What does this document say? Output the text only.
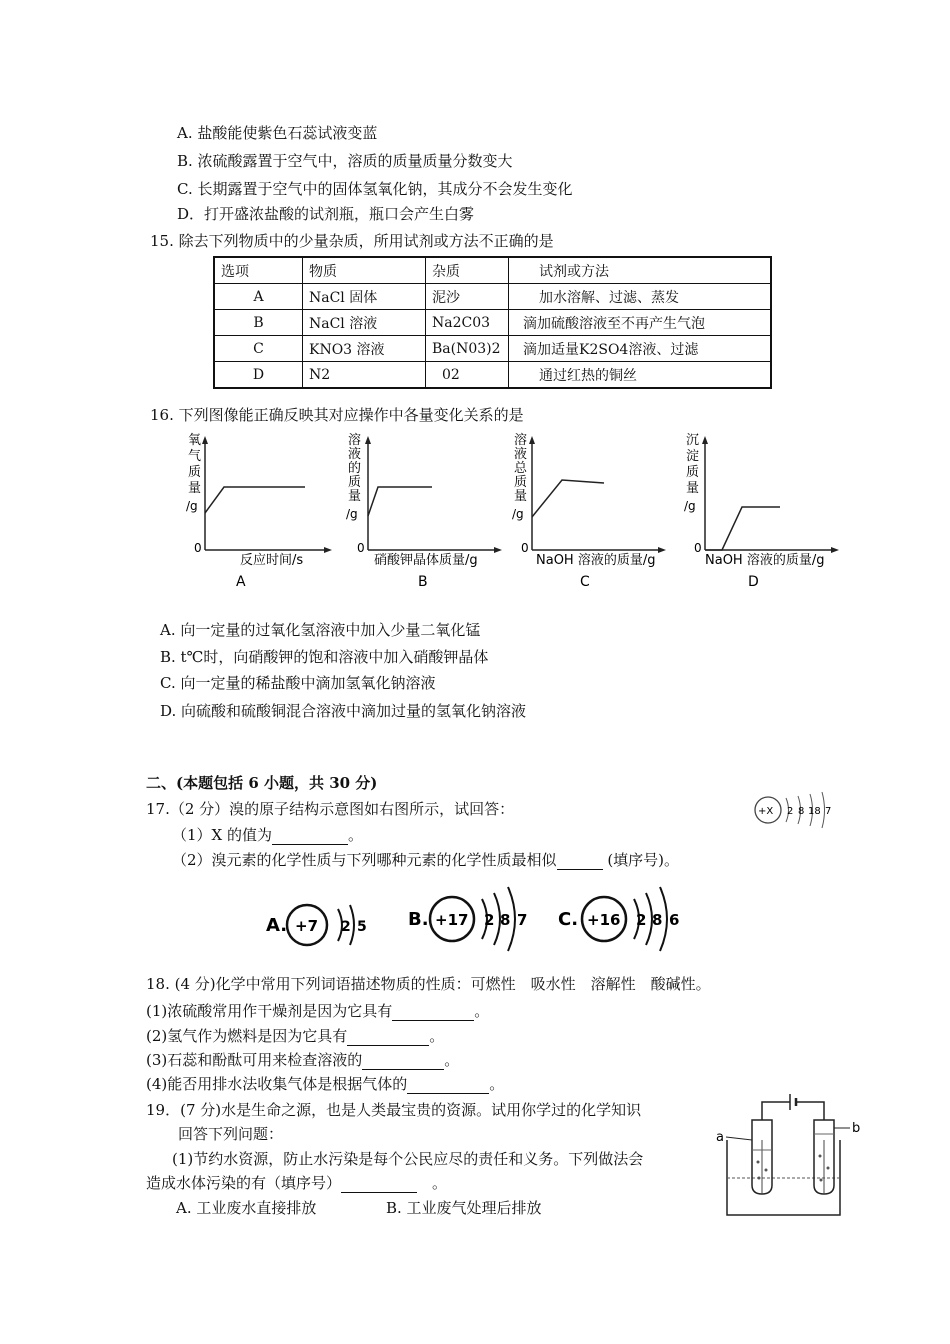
A. 盐酸能使紫色石蕊试液变蓝
B. 浓硫酸露置于空气中，溶质的质量质量分数变大
C. 长期露置于空气中的固体氢氧化钠，其成分不会发生变化
D．打开盛浓盐酸的试剂瓶，瓶口会产生白雾
15. 除去下列物质中的少量杂质，所用试剂或方法不正确的是
选项	物质	杂质	试剂或方法
A	NaCl 固体	泥沙	加水溶解、过滤、蒸发
B	NaCl 溶液	Na2C03	滴加硫酸溶液至不再产生气泡
C	KNO3 溶液	Ba(N03)2	滴加适量K2SO4溶液、过滤
D	N2	02	通过红热的铜丝
16. 下列图像能正确反映其对应操作中各量变化关系的是
氧
气
质
量
/g
0
反应时间/s
A
溶
液
的
质
量
/g
0
硝酸钾晶体质量/g
B
溶
液
总
质
量
/g
0
NaOH 溶液的质量/g
C
沉
淀
质
量
/g
0
NaOH 溶液的质量/g
D
A. 向一定量的过氧化氢溶液中加入少量二氧化锰
B. t℃时，向硝酸钾的饱和溶液中加入硝酸钾晶体
C. 向一定量的稀盐酸中滴加氢氧化钠溶液
D. 向硫酸和硫酸铜混合溶液中滴加过量的氢氧化钠溶液
二、(本题包括 6 小题，共 30 分)
17.（2 分）溴的原子结构示意图如右图所示，试回答：
（1）X 的值为	。
（2）溴元素的化学性质与下列哪种元素的化学性质最相似	(填序号)。
+X 2 8 18 7
A. +7 2 5 B. +17 2 8 7 C. +16 2 8 6
18. (4 分)化学中常用下列词语描述物质的性质：可燃性　吸水性　溶解性　酸碱性。
(1)浓硫酸常用作干燥剂是因为它具有	。
(2)氢气作为燃料是因为它具有	。
(3)石蕊和酚酞可用来检查溶液的	。
(4)能否用排水法收集气体是根据气体的	。
19．(7 分)水是生命之源，也是人类最宝贵的资源。试用你学过的化学知识
回答下列问题：
(1)节约水资源，防止水污染是每个公民应尽的责任和义务。下列做法会
造成水体污染的有（填序号） 　	。
A. 工业废水直接排放	B. 工业废气处理后排放
a
b
